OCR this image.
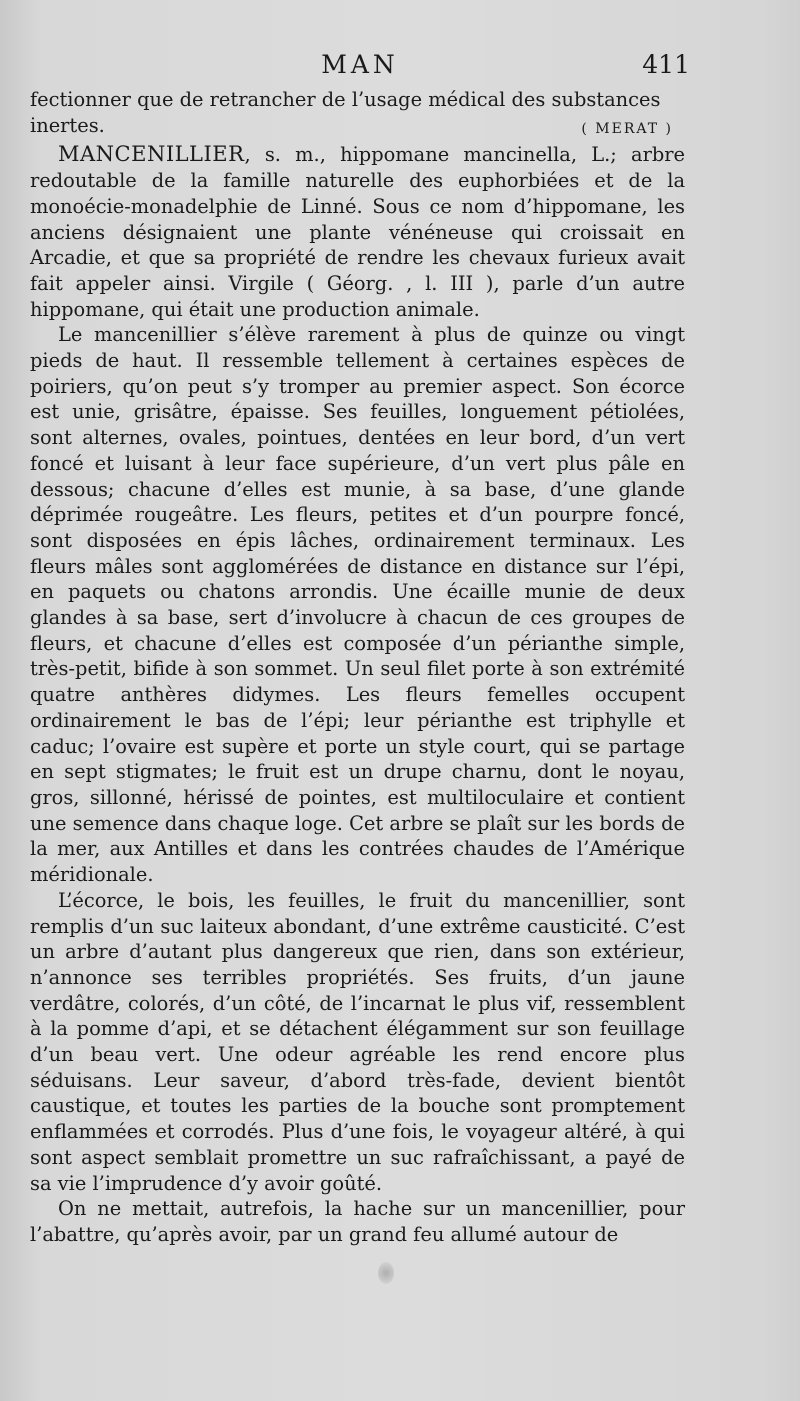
MAN	411

fectionner que de retrancher de l’usage médical des substances

inertes.	( MERAT )

MANCENILLIER, s. m., hippomane mancinella, L.; arbre redoutable de la famille naturelle des euphorbiées et de la monoécie-monadelphie de Linné. Sous ce nom d’hippomane, les anciens désignaient une plante vénéneuse qui croissait en Arcadie, et que sa propriété de rendre les chevaux furieux avait fait appeler ainsi. Virgile ( Géorg. , l. III ), parle d’un autre hippomane, qui était une production animale.

Le mancenillier s’élève rarement à plus de quinze ou vingt pieds de haut. Il ressemble tellement à certaines espèces de poiriers, qu’on peut s’y tromper au premier aspect. Son écorce est unie, grisâtre, épaisse. Ses feuilles, longuement pétiolées, sont alternes, ovales, pointues, dentées en leur bord, d’un vert foncé et luisant à leur face supérieure, d’un vert plus pâle en dessous; chacune d’elles est munie, à sa base, d’une glande déprimée rougeâtre. Les fleurs, petites et d’un pourpre foncé, sont disposées en épis lâches, ordinairement terminaux. Les fleurs mâles sont agglomérées de distance en distance sur l’épi, en paquets ou chatons arrondis. Une écaille munie de deux glandes à sa base, sert d’involucre à chacun de ces groupes de fleurs, et chacune d’elles est composée d’un périanthe simple, très-petit, bifide à son sommet. Un seul filet porte à son extrémité quatre anthères didymes. Les fleurs femelles occupent ordinairement le bas de l’épi; leur périanthe est triphylle et caduc; l’ovaire est supère et porte un style court, qui se partage en sept stigmates; le fruit est un drupe charnu, dont le noyau, gros, sillonné, hérissé de pointes, est multiloculaire et contient une semence dans chaque loge. Cet arbre se plaît sur les bords de la mer, aux Antilles et dans les contrées chaudes de l’Amérique méridionale.

L’écorce, le bois, les feuilles, le fruit du mancenillier, sont remplis d’un suc laiteux abondant, d’une extrême causticité. C’est un arbre d’autant plus dangereux que rien, dans son extérieur, n’annonce ses terribles propriétés. Ses fruits, d’un jaune verdâtre, colorés, d’un côté, de l’incarnat le plus vif, ressemblent à la pomme d’api, et se détachent élégamment sur son feuillage d’un beau vert. Une odeur agréable les rend encore plus séduisans. Leur saveur, d’abord très-fade, devient bientôt caustique, et toutes les parties de la bouche sont promptement enflammées et corrodés. Plus d’une fois, le voyageur altéré, à qui sont aspect semblait promettre un suc rafraîchissant, a payé de sa vie l’imprudence d’y avoir goûté.

On ne mettait, autrefois, la hache sur un mancenillier, pour l’abattre, qu’après avoir, par un grand feu allumé autour de
